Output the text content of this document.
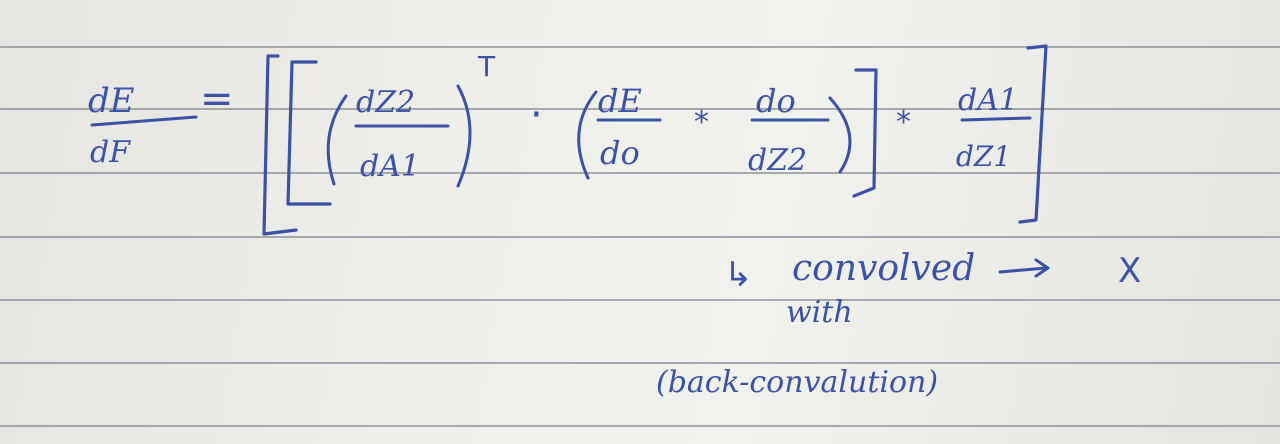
dE
dF
=	dZ2
dA1
T
· dE
do
*
do
dZ2
*
dA1
dZ1
↳ convolved	X
with
(back-convalution)
